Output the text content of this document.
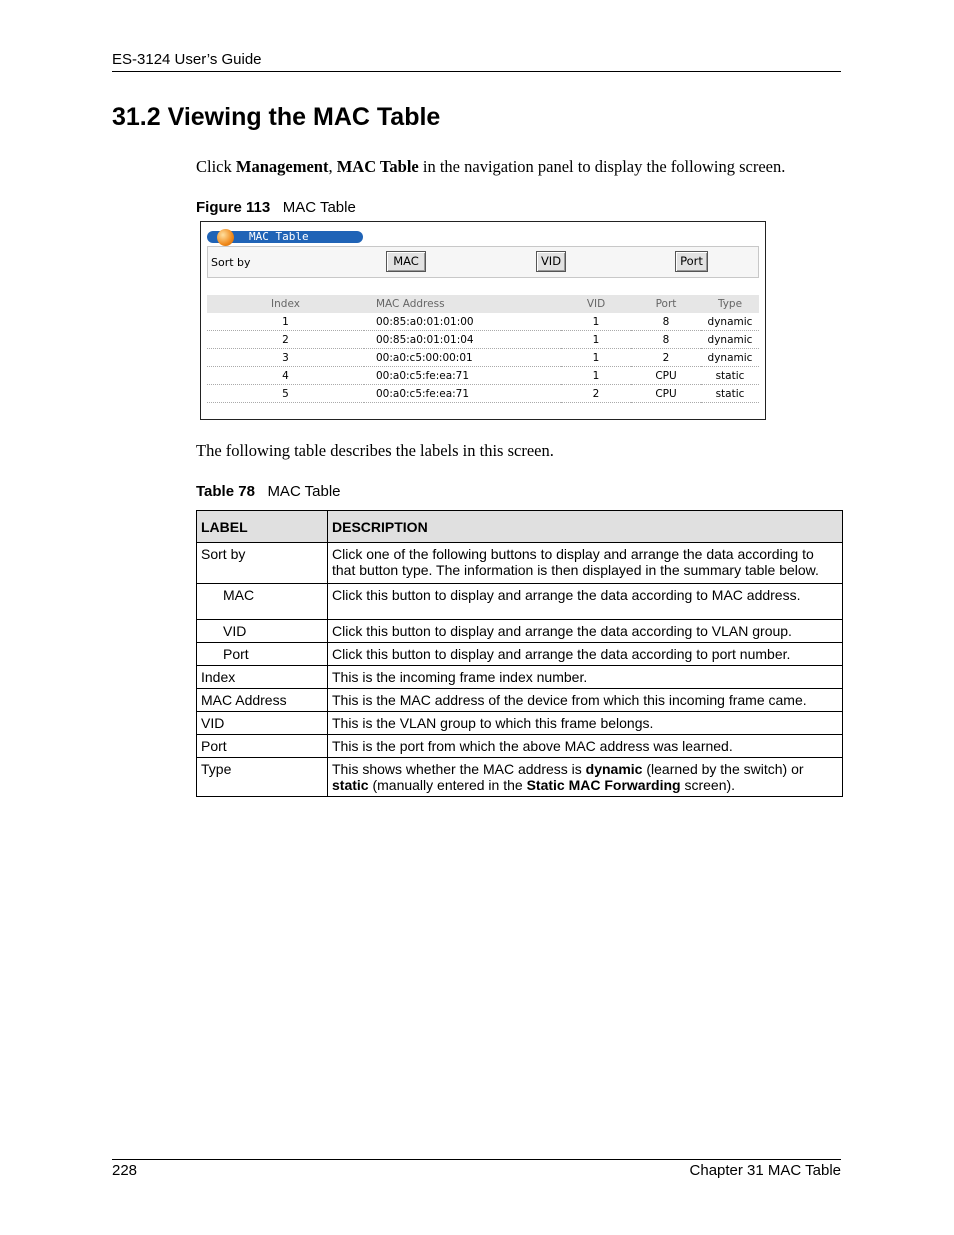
ES-3124 User’s Guide
31.2 Viewing the MAC Table
Click Management, MAC Table in the navigation panel to display the following screen.
Figure 113 MAC Table
MAC Table
Sort by	MAC	VID	Port
Index	MAC Address	VID	Port	Type
1	00:85:a0:01:01:00	1	8	dynamic
2	00:85:a0:01:01:04	1	8	dynamic
3	00:a0:c5:00:00:01	1	2	dynamic
4	00:a0:c5:fe:ea:71	1	CPU	static
5	00:a0:c5:fe:ea:71	2	CPU	static
The following table describes the labels in this screen.
Table 78 MAC Table
LABEL	DESCRIPTION
Sort by	Click one of the following buttons to display and arrange the data according to that button type. The information is then displayed in the summary table below.
MAC	Click this button to display and arrange the data according to MAC address.
VID	Click this button to display and arrange the data according to VLAN group.
Port	Click this button to display and arrange the data according to port number.
Index	This is the incoming frame index number.
MAC Address	This is the MAC address of the device from which this incoming frame came.
VID	This is the VLAN group to which this frame belongs.
Port	This is the port from which the above MAC address was learned.
Type	This shows whether the MAC address is dynamic (learned by the switch) or static (manually entered in the Static MAC Forwarding screen).
228	Chapter 31 MAC Table
